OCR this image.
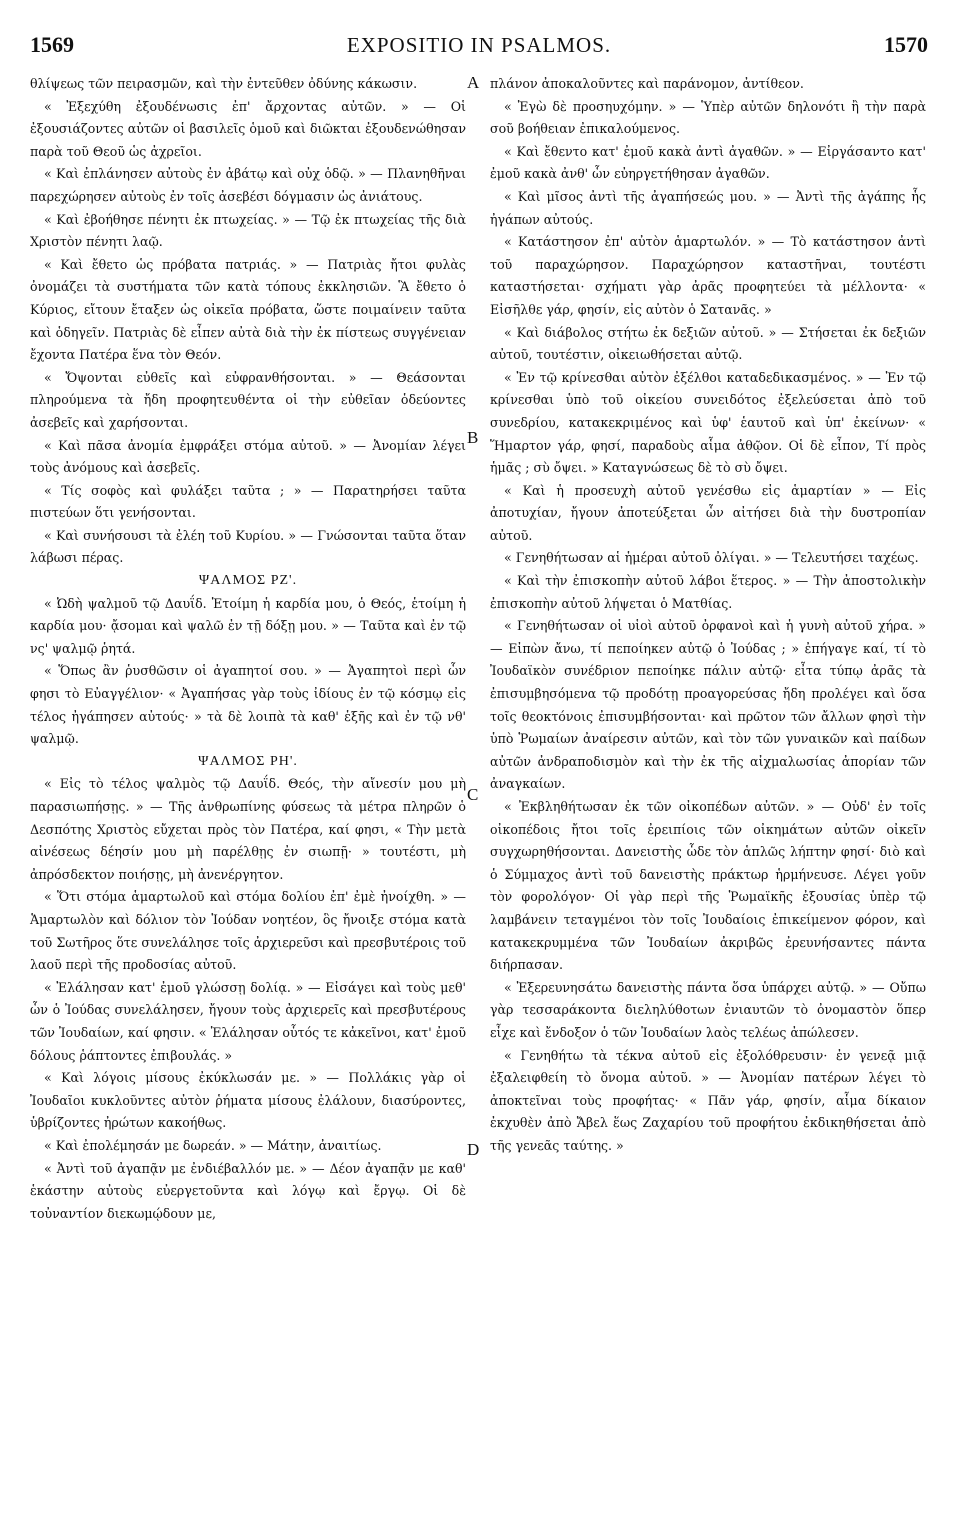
1569	EXPOSITIO IN PSALMOS.	1570

θλίψεως τῶν πειρασμῶν, καὶ τὴν ἐντεῦθεν ὀδύνης κάκωσιν.

« Ἐξεχύθη ἐξουδένωσις ἐπ' ἄρχοντας αὐτῶν. » — Οἱ ἐξουσιάζοντες αὐτῶν οἱ βασιλεῖς ὁμοῦ καὶ διῶκται ἐξουδενώθησαν παρὰ τοῦ Θεοῦ ὡς ἀχρεῖοι.

« Καὶ ἐπλάνησεν αὐτοὺς ἐν ἀβάτῳ καὶ οὐχ ὁδῷ. » — Πλανηθῆναι παρεχώρησεν αὐτοὺς ἐν τοῖς ἀσεβέσι δόγμασιν ὡς ἀνιάτους.

« Καὶ ἐβοήθησε πένητι ἐκ πτωχείας. » — Τῷ ἐκ πτωχείας τῆς διὰ Χριστὸν πένητι λαῷ.

« Καὶ ἔθετο ὡς πρόβατα πατριάς. » — Πατριὰς ἤτοι φυλὰς ὀνομάζει τὰ συστήματα τῶν κατὰ τόπους ἐκκλησιῶν. Ἃ ἔθετο ὁ Κύριος, εἴτουν ἔταξεν ὡς οἰκεῖα πρόβατα, ὥστε ποιμαίνειν ταῦτα καὶ ὁδηγεῖν. Πατριὰς δὲ εἶπεν αὐτὰ διὰ τὴν ἐκ πίστεως συγγένειαν ἔχοντα Πατέρα ἕνα τὸν Θεόν.

« Ὄψονται εὐθεῖς καὶ εὐφρανθήσονται. » — Θεάσονται πληρούμενα τὰ ἤδη προφητευθέντα οἱ τὴν εὐθεῖαν ὁδεύοντες ἀσεβεῖς καὶ χαρήσονται.

« Καὶ πᾶσα ἀνομία ἐμφράξει στόμα αὐτοῦ. » — Ἀνομίαν λέγει τοὺς ἀνόμους καὶ ἀσεβεῖς.

« Τίς σοφὸς καὶ φυλάξει ταῦτα ; » — Παρατηρήσει ταῦτα πιστεύων ὅτι γενήσονται.

« Καὶ συνήσουσι τὰ ἐλέη τοῦ Κυρίου. » — Γνώσονται ταῦτα ὅταν λάβωσι πέρας.

ΨΑΛΜΟΣ ΡΖ'.

« Ὠδὴ ψαλμοῦ τῷ Δαυΐδ. Ἑτοίμη ἡ καρδία μου, ὁ Θεός, ἑτοίμη ἡ καρδία μου· ᾄσομαι καὶ ψαλῶ ἐν τῇ δόξῃ μου. » — Ταῦτα καὶ ἐν τῷ νς' ψαλμῷ ῥητά.

« Ὅπως ἂν ῥυσθῶσιν οἱ ἀγαπητοί σου. » — Ἀγαπητοὶ περὶ ὧν φησι τὸ Εὐαγγέλιον· « Ἀγαπήσας γὰρ τοὺς ἰδίους ἐν τῷ κόσμῳ εἰς τέλος ἠγάπησεν αὐτούς· » τὰ δὲ λοιπὰ τὰ καθ' ἑξῆς καὶ ἐν τῷ νθ' ψαλμῷ.

ΨΑΛΜΟΣ ΡΗ'.

« Εἰς τὸ τέλος ψαλμὸς τῷ Δαυΐδ. Θεός, τὴν αἴνεσίν μου μὴ παρασιωπήσῃς. » — Τῆς ἀνθρωπίνης φύσεως τὰ μέτρα πληρῶν ὁ Δεσπότης Χριστὸς εὔχεται πρὸς τὸν Πατέρα, καί φησι, « Τὴν μετὰ αἰνέσεως δέησίν μου μὴ παρέλθῃς ἐν σιωπῇ· » τουτέστι, μὴ ἀπρόσδεκτον ποιήσῃς, μὴ ἀνενέργητον.

« Ὅτι στόμα ἁμαρτωλοῦ καὶ στόμα δολίου ἐπ' ἐμὲ ἠνοίχθη. » — Ἁμαρτωλὸν καὶ δόλιον τὸν Ἰούδαν νοητέον, ὃς ἤνοιξε στόμα κατὰ τοῦ Σωτῆρος ὅτε συνελάλησε τοῖς ἀρχιερεῦσι καὶ πρεσβυτέροις τοῦ λαοῦ περὶ τῆς προδοσίας αὐτοῦ.

« Ἐλάλησαν κατ' ἐμοῦ γλώσσῃ δολίᾳ. » — Εἰσάγει καὶ τοὺς μεθ' ὧν ὁ Ἰούδας συνελάλησεν, ἤγουν τοὺς ἀρχιερεῖς καὶ πρεσβυτέρους τῶν Ἰουδαίων, καί φησιν. « Ἐλάλησαν οὗτός τε κἀκεῖνοι, κατ' ἐμοῦ δόλους ῥάπτοντες ἐπιβουλάς. »

« Καὶ λόγοις μίσους ἐκύκλωσάν με. » — Πολλάκις γὰρ οἱ Ἰουδαῖοι κυκλοῦντες αὐτὸν ῥήματα μίσους ἐλάλουν, διασύροντες, ὑβρίζοντες ἠρώτων κακοήθως.

« Καὶ ἐπολέμησάν με δωρεάν. » — Μάτην, ἀναιτίως.

« Ἀντὶ τοῦ ἀγαπᾷν με ἐνδιέβαλλόν με. » — Δέον ἀγαπᾷν με καθ' ἑκάστην αὐτοὺς εὐεργετοῦντα καὶ λόγῳ καὶ ἔργῳ. Οἱ δὲ τοὐναντίον διεκωμῴδουν με,

A
B
C
D

πλάνον ἀποκαλοῦντες καὶ παράνομον, ἀντίθεον.

« Ἐγὼ δὲ προσηυχόμην. » — Ὑπὲρ αὐτῶν δηλονότι ἢ τὴν παρὰ σοῦ βοήθειαν ἐπικαλούμενος.

« Καὶ ἔθεντο κατ' ἐμοῦ κακὰ ἀντὶ ἀγαθῶν. » — Εἰργάσαντο κατ' ἐμοῦ κακὰ ἀνθ' ὧν εὐηργετήθησαν ἀγαθῶν.

« Καὶ μῖσος ἀντὶ τῆς ἀγαπήσεώς μου. » — Ἀντὶ τῆς ἀγάπης ἧς ἠγάπων αὐτούς.

« Κατάστησον ἐπ' αὐτὸν ἁμαρτωλόν. » — Τὸ κατάστησον ἀντὶ τοῦ παραχώρησον. Παραχώρησον καταστῆναι, τουτέστι καταστήσεται· σχήματι γὰρ ἀρᾶς προφητεύει τὰ μέλλοντα· « Εἰσῆλθε γάρ, φησίν, εἰς αὐτὸν ὁ Σατανᾶς. »

« Καὶ διάβολος στήτω ἐκ δεξιῶν αὐτοῦ. » — Στήσεται ἐκ δεξιῶν αὐτοῦ, τουτέστιν, οἰκειωθήσεται αὐτῷ.

« Ἐν τῷ κρίνεσθαι αὐτὸν ἐξέλθοι καταδεδικασμένος. » — Ἐν τῷ κρίνεσθαι ὑπὸ τοῦ οἰκείου συνειδότος ἐξελεύσεται ἀπὸ τοῦ συνεδρίου, κατακεκριμένος καὶ ὑφ' ἑαυτοῦ καὶ ὑπ' ἐκείνων· « Ἥμαρτον γάρ, φησί, παραδοὺς αἷμα ἀθῷον. Οἱ δὲ εἶπον, Τί πρὸς ἡμᾶς ; σὺ ὄψει. » Καταγνώσεως δὲ τὸ σὺ ὄψει.

« Καὶ ἡ προσευχὴ αὐτοῦ γενέσθω εἰς ἁμαρτίαν » — Εἰς ἀποτυχίαν, ἤγουν ἀποτεύξεται ὧν αἰτήσει διὰ τὴν δυστροπίαν αὐτοῦ.

« Γενηθήτωσαν αἱ ἡμέραι αὐτοῦ ὀλίγαι. » — Τελευτήσει ταχέως.

« Καὶ τὴν ἐπισκοπὴν αὐτοῦ λάβοι ἕτερος. » — Τὴν ἀποστολικὴν ἐπισκοπὴν αὐτοῦ λήψεται ὁ Ματθίας.

« Γενηθήτωσαν οἱ υἱοὶ αὐτοῦ ὀρφανοὶ καὶ ἡ γυνὴ αὐτοῦ χήρα. » — Εἰπὼν ἄνω, τί πεποίηκεν αὐτῷ ὁ Ἰούδας ; » ἐπήγαγε καί, τί τὸ Ἰουδαϊκὸν συνέδριον πεποίηκε πάλιν αὐτῷ· εἶτα τύπῳ ἀρᾶς τὰ ἐπισυμβησόμενα τῷ προδότῃ προαγορεύσας ἤδη προλέγει καὶ ὅσα τοῖς θεοκτόνοις ἐπισυμβήσονται· καὶ πρῶτον τῶν ἄλλων φησὶ τὴν ὑπὸ Ῥωμαίων ἀναίρεσιν αὐτῶν, καὶ τὸν τῶν γυναικῶν καὶ παίδων αὐτῶν ἀνδραποδισμὸν καὶ τὴν ἐκ τῆς αἰχμαλωσίας ἀπορίαν τῶν ἀναγκαίων.

« Ἐκβληθήτωσαν ἐκ τῶν οἰκοπέδων αὐτῶν. » — Οὐδ' ἐν τοῖς οἰκοπέδοις ἤτοι τοῖς ἐρειπίοις τῶν οἰκημάτων αὐτῶν οἰκεῖν συγχωρηθήσονται. Δανειστὴς ὧδε τὸν ἁπλῶς λήπτην φησί· διὸ καὶ ὁ Σύμμαχος ἀντὶ τοῦ δανειστὴς πράκτωρ ἡρμήνευσε. Λέγει γοῦν τὸν φορολόγον· Οἱ γὰρ περὶ τῆς Ῥωμαϊκῆς ἐξουσίας ὑπὲρ τῷ λαμβάνειν τεταγμένοι τὸν τοῖς Ἰουδαίοις ἐπικείμενον φόρον, καὶ κατακεκρυμμένα τῶν Ἰουδαίων ἀκριβῶς ἐρευνήσαντες πάντα διήρπασαν.

« Ἐξερευνησάτω δανειστὴς πάντα ὅσα ὑπάρχει αὐτῷ. » — Οὔπω γὰρ τεσσαράκοντα διεληλύθοτων ἐνιαυτῶν τὸ ὀνομαστὸν ὅπερ εἶχε καὶ ἔνδοξον ὁ τῶν Ἰουδαίων λαὸς τελέως ἀπώλεσεν.

« Γενηθήτω τὰ τέκνα αὐτοῦ εἰς ἐξολόθρευσιν· ἐν γενεᾷ μιᾷ ἐξαλειφθείη τὸ ὄνομα αὐτοῦ. » — Ἀνομίαν πατέρων λέγει τὸ ἀποκτεῖναι τοὺς προφήτας· « Πᾶν γάρ, φησίν, αἷμα δίκαιον ἐκχυθὲν ἀπὸ Ἄβελ ἕως Ζαχαρίου τοῦ προφήτου ἐκδικηθήσεται ἀπὸ τῆς γενεᾶς ταύτης. »
